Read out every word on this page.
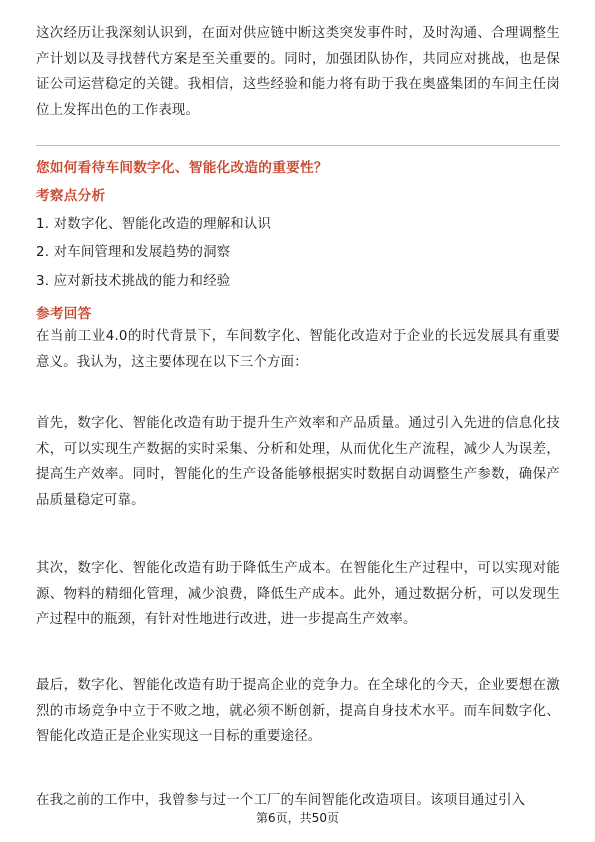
这次经历让我深刻认识到，在面对供应链中断这类突发事件时，及时沟通、合理调整生产计划以及寻找替代方案是至关重要的。同时，加强团队协作，共同应对挑战，也是保证公司运营稳定的关键。我相信，这些经验和能力将有助于我在奥盛集团的车间主任岗位上发挥出色的工作表现。

您如何看待车间数字化、智能化改造的重要性？

考察点分析

1. 对数字化、智能化改造的理解和认识

2. 对车间管理和发展趋势的洞察

3. 应对新技术挑战的能力和经验

参考回答

在当前工业4.0的时代背景下，车间数字化、智能化改造对于企业的长远发展具有重要意义。我认为，这主要体现在以下三个方面：

首先，数字化、智能化改造有助于提升生产效率和产品质量。通过引入先进的信息化技术，可以实现生产数据的实时采集、分析和处理，从而优化生产流程，减少人为误差，提高生产效率。同时，智能化的生产设备能够根据实时数据自动调整生产参数，确保产品质量稳定可靠。

其次，数字化、智能化改造有助于降低生产成本。在智能化生产过程中，可以实现对能源、物料的精细化管理，减少浪费，降低生产成本。此外，通过数据分析，可以发现生产过程中的瓶颈，有针对性地进行改进，进一步提高生产效率。

最后，数字化、智能化改造有助于提高企业的竞争力。在全球化的今天，企业要想在激烈的市场竞争中立于不败之地，就必须不断创新，提高自身技术水平。而车间数字化、智能化改造正是企业实现这一目标的重要途径。

在我之前的工作中，我曾参与过一个工厂的车间智能化改造项目。该项目通过引入

第6页，共50页
